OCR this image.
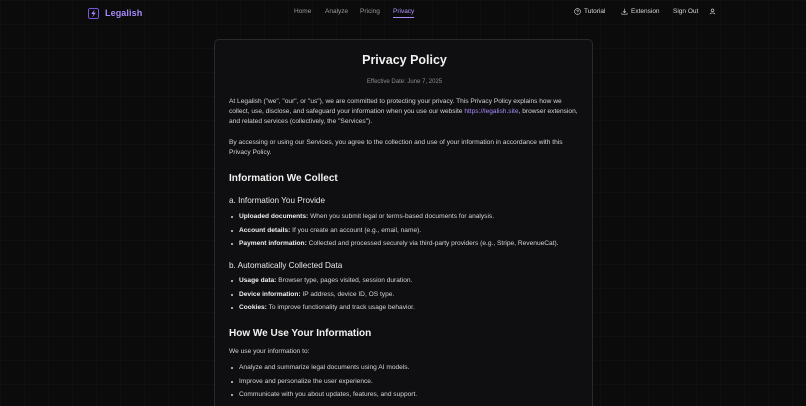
Legalish	Home Analyze Pricing Privacy	Tutorial	Extension Sign Out
Privacy Policy
Effective Date: June 7, 2025

At Legalish ("we", "our", or "us"), we are committed to protecting your privacy. This Privacy Policy explains how we collect, use, disclose, and safeguard your information when you use our website https://legalish.site, browser extension, and related services (collectively, the "Services").

By accessing or using our Services, you agree to the collection and use of your information in accordance with this Privacy Policy.

Information We Collect
a. Information You Provide
Uploaded documents: When you submit legal or terms-based documents for analysis.
Account details: If you create an account (e.g., email, name).
Payment information: Collected and processed securely via third-party providers (e.g., Stripe, RevenueCat).
b. Automatically Collected Data
Usage data: Browser type, pages visited, session duration.
Device information: IP address, device ID, OS type.
Cookies: To improve functionality and track usage behavior.
How We Use Your Information

We use your information to:

Analyze and summarize legal documents using AI models.
Improve and personalize the user experience.
Communicate with you about updates, features, and support.
